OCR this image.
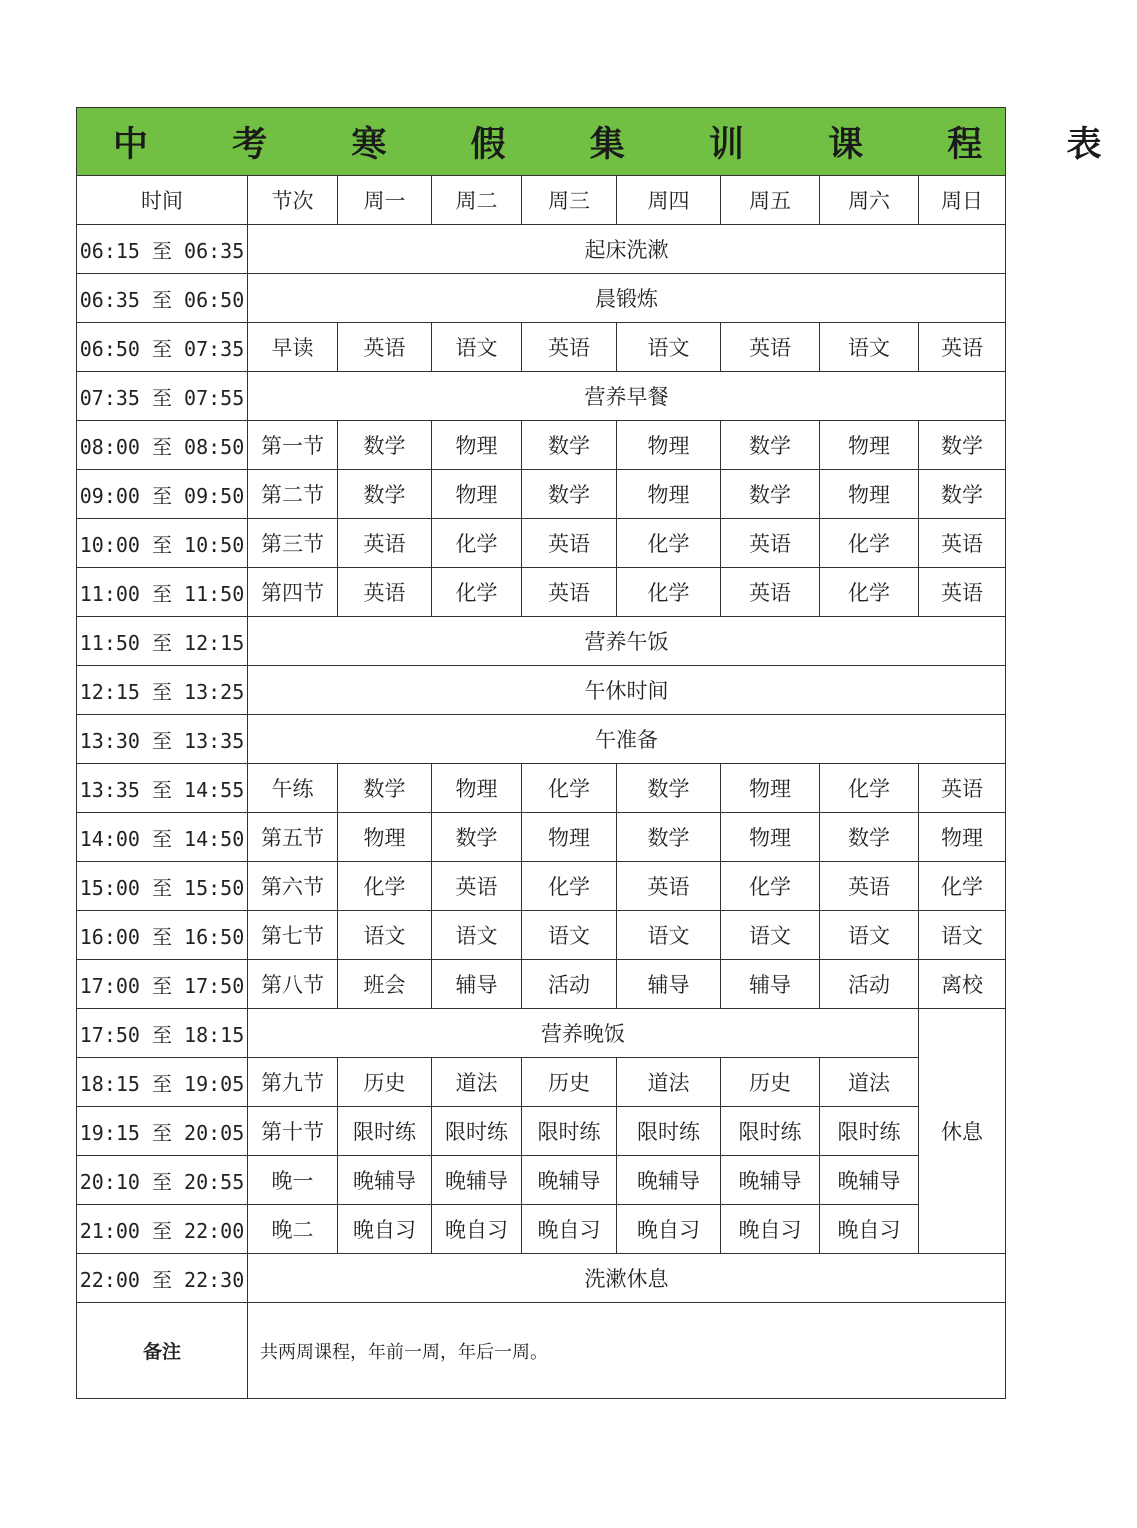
中 考 寒 假 集 训 课 程 表								
时间	节次	周一	周二	周三	周四	周五	周六	周日
06:15 至 06:35	起床洗漱							
06:35 至 06:50	晨锻炼							
06:50 至 07:35	早读	英语	语文	英语	语文	英语	语文	英语
07:35 至 07:55	营养早餐							
08:00 至 08:50	第一节	数学	物理	数学	物理	数学	物理	数学
09:00 至 09:50	第二节	数学	物理	数学	物理	数学	物理	数学
10:00 至 10:50	第三节	英语	化学	英语	化学	英语	化学	英语
11:00 至 11:50	第四节	英语	化学	英语	化学	英语	化学	英语
11:50 至 12:15	营养午饭							
12:15 至 13:25	午休时间							
13:30 至 13:35	午准备							
13:35 至 14:55	午练	数学	物理	化学	数学	物理	化学	英语
14:00 至 14:50	第五节	物理	数学	物理	数学	物理	数学	物理
15:00 至 15:50	第六节	化学	英语	化学	英语	化学	英语	化学
16:00 至 16:50	第七节	语文	语文	语文	语文	语文	语文	语文
17:00 至 17:50	第八节	班会	辅导	活动	辅导	辅导	活动	离校
17:50 至 18:15	营养晚饭							休息
18:15 至 19:05	第九节	历史	道法	历史	道法	历史	道法	
19:15 至 20:05	第十节	限时练	限时练	限时练	限时练	限时练	限时练	
20:10 至 20:55	晚一	晚辅导	晚辅导	晚辅导	晚辅导	晚辅导	晚辅导	
21:00 至 22:00	晚二	晚自习	晚自习	晚自习	晚自习	晚自习	晚自习	
22:00 至 22:30	洗漱休息							
备注	共两周课程，年前一周，年后一周。							
